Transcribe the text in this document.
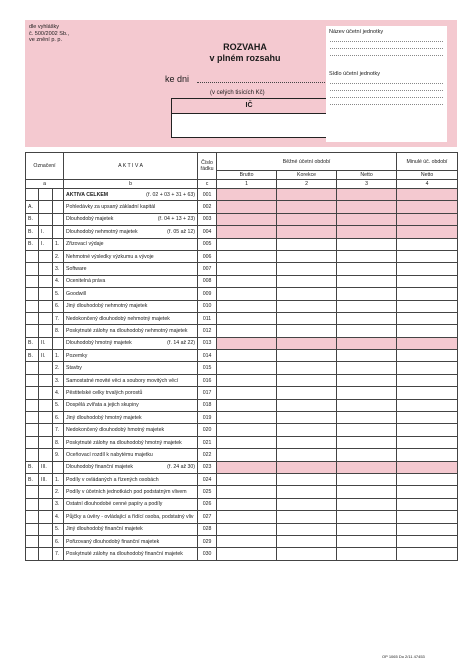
dle vyhlášky
č. 500/2002 Sb.,
ve znění p. p.
ROZVAHA
v plném rozsahu
ke dni
(v celých tisících Kč)
IČ
Název účetní jednotky
Sídlo účetní jednotky
Označení			A K T I V A	Číslo řádku	Běžné účetní období			Minulé úč. období
					Brutto	Korekce	Netto	Netto
a			b	c	1	2	3	4
			AKTIVA CELKEM (ř. 02 + 03 + 31 + 63)	001				
A.			Pohledávky za upsaný základní kapitál	002				
B.			Dlouhodobý majetek (ř. 04 + 13 + 23)	003				
B.	I.		Dlouhodobý nehmotný majetek (ř. 05 až 12)	004				
B.	I.	1.	Zřizovací výdaje	005				
		2.	Nehmotné výsledky výzkumu a vývoje	006				
		3.	Software	007				
		4.	Ocenitelná práva	008				
		5.	Goodwill	009				
		6.	Jiný dlouhodobý nehmotný majetek	010				
		7.	Nedokončený dlouhodobý nehmotný majetek	011				
		8.	Poskytnuté zálohy na dlouhodobý nehmotný majetek	012				
B.	II.		Dlouhodobý hmotný majetek (ř. 14 až 22)	013				
B.	II.	1.	Pozemky	014				
		2.	Stavby	015				
		3.	Samostatné movité věci a soubory movitých věcí	016				
		4.	Pěstitelské celky trvalých porostů	017				
		5.	Dospělá zvířata a jejich skupiny	018				
		6.	Jiný dlouhodobý hmotný majetek	019				
		7.	Nedokončený dlouhodobý hmotný majetek	020				
		8.	Poskytnuté zálohy na dlouhodobý hmotný majetek	021				
		9.	Oceňovací rozdíl k nabytému majetku	022				
B.	III.		Dlouhodobý finanční majetek (ř. 24 až 30)	023				
B.	III.	1.	Podíly v ovládaných a řízených osobách	024				
		2.	Podíly v účetních jednotkách pod podstatným vlivem	025				
		3.	Ostatní dlouhodobé cenné papíry a podíly	026				
		4.	Půjčky a úvěry - ovládající a řídící osoba, podstatný vliv	027				
		5.	Jiný dlouhodobý finanční majetek	028				
		6.	Pořizovaný dlouhodobý finanční majetek	029				
		7.	Poskytnuté zálohy na dlouhodobý finanční majetek	030				
OP 1065 Do 2/11 47453
